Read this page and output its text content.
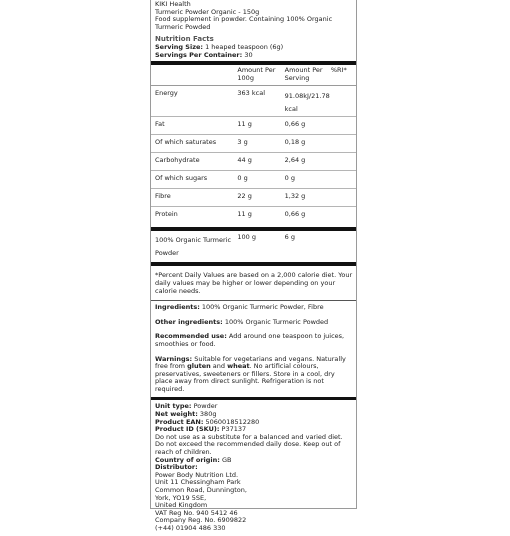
KIKI Health
Turmeric Powder Organic - 150g
Food supplement in powder. Containing 100% Organic Turmeric Powded
Nutrition Facts
Serving Size: 1 heaped teaspoon (6g)
Servings Per Container: 30
	Amount Per 100g	Amount Per Serving	%RI*

Energy	363 kcal	91.08kJ/21.78 kcal	
Fat	11 g	0,66 g	
Of which saturates	3 g	0,18 g	
Carbohydrate	44 g	2,64 g	
Of which sugars	0 g	0 g	
Fibre	22 g	1,32 g	
Protein	11 g	0,66 g	
100% Organic Turmeric Powder	100 g	6 g	

*Percent Daily Values are based on a 2,000 calorie diet. Your daily values may be higher or lower depending on your calorie needs.

Ingredients: 100% Organic Turmeric Powder, Fibre

Other ingredients: 100% Organic Turmeric Powded

Recommended use: Add around one teaspoon to juices, smoothies or food.

Warnings: Suitable for vegetarians and vegans. Naturally free from gluten and wheat. No artificial colours, preservatives, sweeteners or fillers. Store in a cool, dry place away from direct sunlight. Refrigeration is not required.

Unit type: Powder

Net weight: 380g

Product EAN: 5060018512280

Product ID (SKU): P37137

Do not use as a substitute for a balanced and varied diet. Do not exceed the recommended daily dose. Keep out of reach of children.

Country of origin: GB

Distributor:

Power Body Nutrition Ltd.

Unit 11 Chessingham Park

Common Road, Dunnington,

York, YO19 5SE,

United Kingdom

VAT Reg No. 940 5412 46

Company Reg. No. 6909822

(+44) 01904 486 330
